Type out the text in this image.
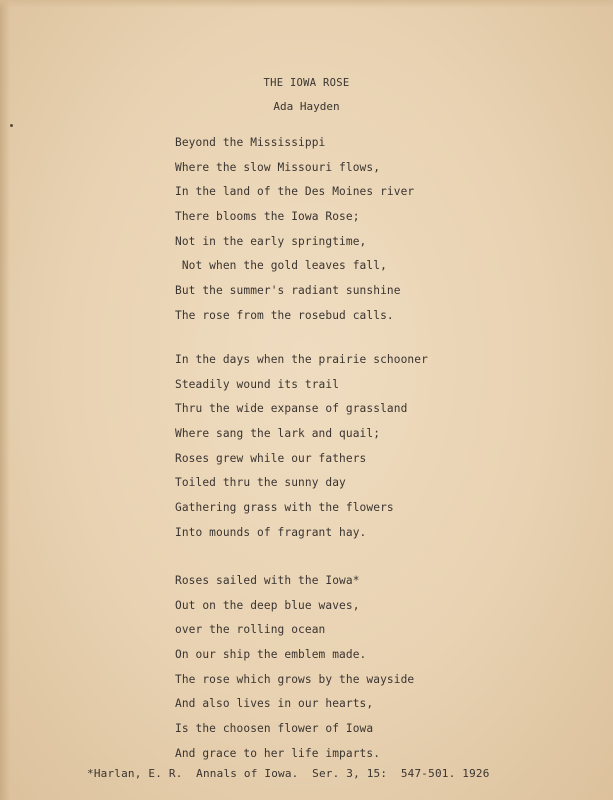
THE IOWA ROSE
Ada Hayden
Beyond the Mississippi
Where the slow Missouri flows,
In the land of the Des Moines river
There blooms the Iowa Rose;
Not in the early springtime,
Not when the gold leaves fall,
But the summer's radiant sunshine
The rose from the rosebud calls.
In the days when the prairie schooner
Steadily wound its trail
Thru the wide expanse of grassland
Where sang the lark and quail;
Roses grew while our fathers
Toiled thru the sunny day
Gathering grass with the flowers
Into mounds of fragrant hay.
Roses sailed with the Iowa*
Out on the deep blue waves,
over the rolling ocean
On our ship the emblem made.
The rose which grows by the wayside
And also lives in our hearts,
Is the choosen flower of Iowa
And grace to her life imparts.
*Harlan, E. R.  Annals of Iowa.  Ser. 3, 15:  547-501. 1926
